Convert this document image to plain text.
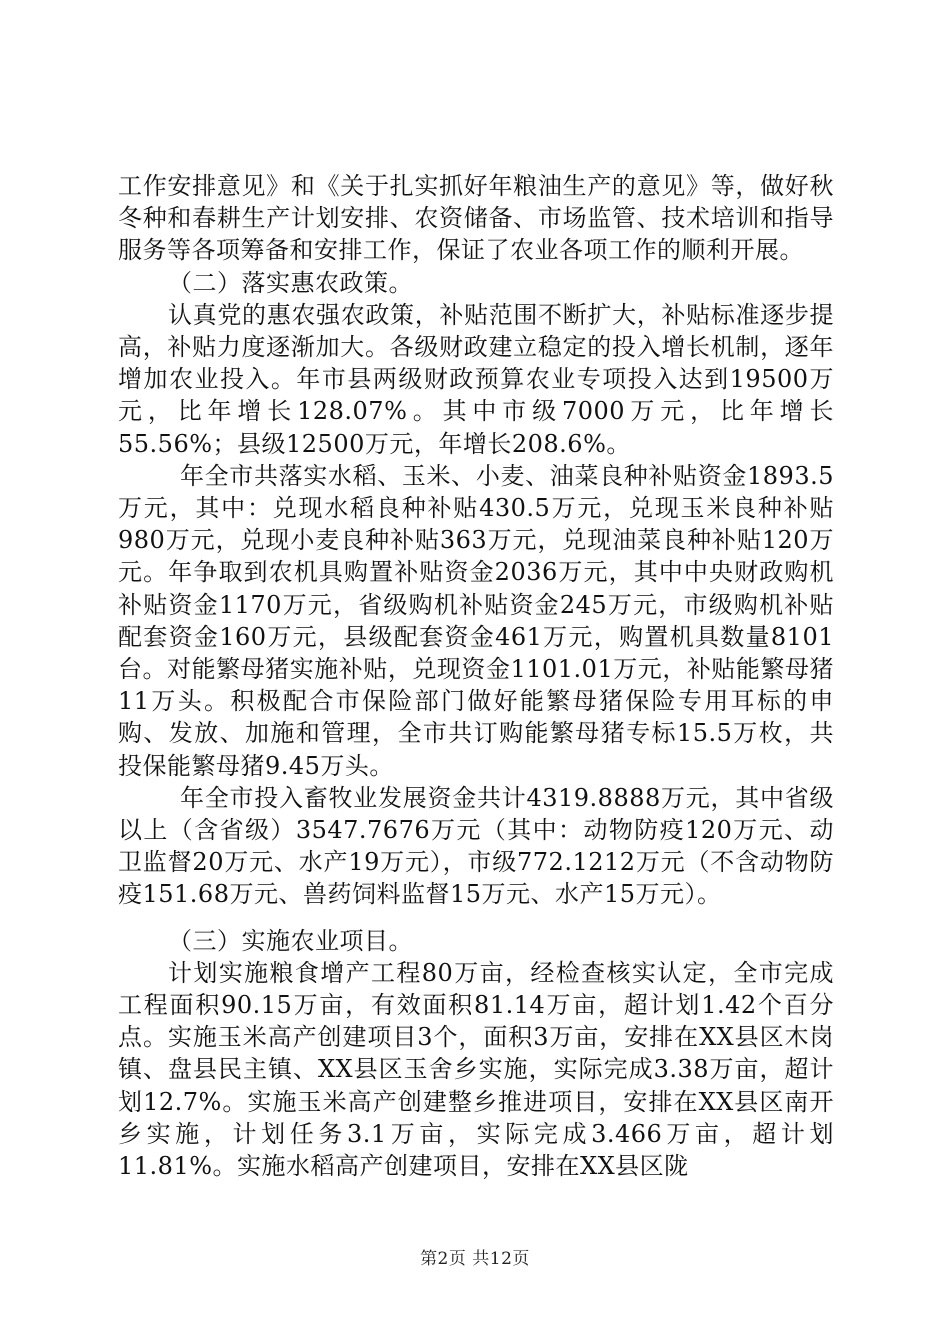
工作安排意见》和《关于扎实抓好年粮油生产的意见》等，做好秋冬种和春耕生产计划安排、农资储备、市场监管、技术培训和指导服务等各项筹备和安排工作，保证了农业各项工作的顺利开展。

（二）落实惠农政策。

认真党的惠农强农政策，补贴范围不断扩大，补贴标准逐步提高，补贴力度逐渐加大。各级财政建立稳定的投入增长机制，逐年增加农业投入。年市县两级财政预算农业专项投入达到19500万元，比年增长128.07%。其中市级7000万元，比年增长55.56%；县级12500万元，年增长208.6%。

年全市共落实水稻、玉米、小麦、油菜良种补贴资金1893.5万元，其中：兑现水稻良种补贴430.5万元，兑现玉米良种补贴980万元，兑现小麦良种补贴363万元，兑现油菜良种补贴120万元。年争取到农机具购置补贴资金2036万元，其中中央财政购机补贴资金1170万元，省级购机补贴资金245万元，市级购机补贴配套资金160万元，县级配套资金461万元，购置机具数量8101台。对能繁母猪实施补贴，兑现资金1101.01万元，补贴能繁母猪11万头。积极配合市保险部门做好能繁母猪保险专用耳标的申购、发放、加施和管理，全市共订购能繁母猪专标15.5万枚，共投保能繁母猪9.45万头。

年全市投入畜牧业发展资金共计4319.8888万元，其中省级以上（含省级）3547.7676万元（其中：动物防疫120万元、动卫监督20万元、水产19万元），市级772.1212万元（不含动物防疫151.68万元、兽药饲料监督15万元、水产15万元）。

（三）实施农业项目。

计划实施粮食增产工程80万亩，经检查核实认定，全市完成工程面积90.15万亩，有效面积81.14万亩，超计划1.42个百分点。实施玉米高产创建项目3个，面积3万亩，安排在XX县区木岗镇、盘县民主镇、XX县区玉舍乡实施，实际完成3.38万亩，超计划12.7%。实施玉米高产创建整乡推进项目，安排在XX县区南开乡实施，计划任务3.1万亩，实际完成3.466万亩，超计划11.81%。实施水稻高产创建项目，安排在XX县区陇

第2页 共12页
